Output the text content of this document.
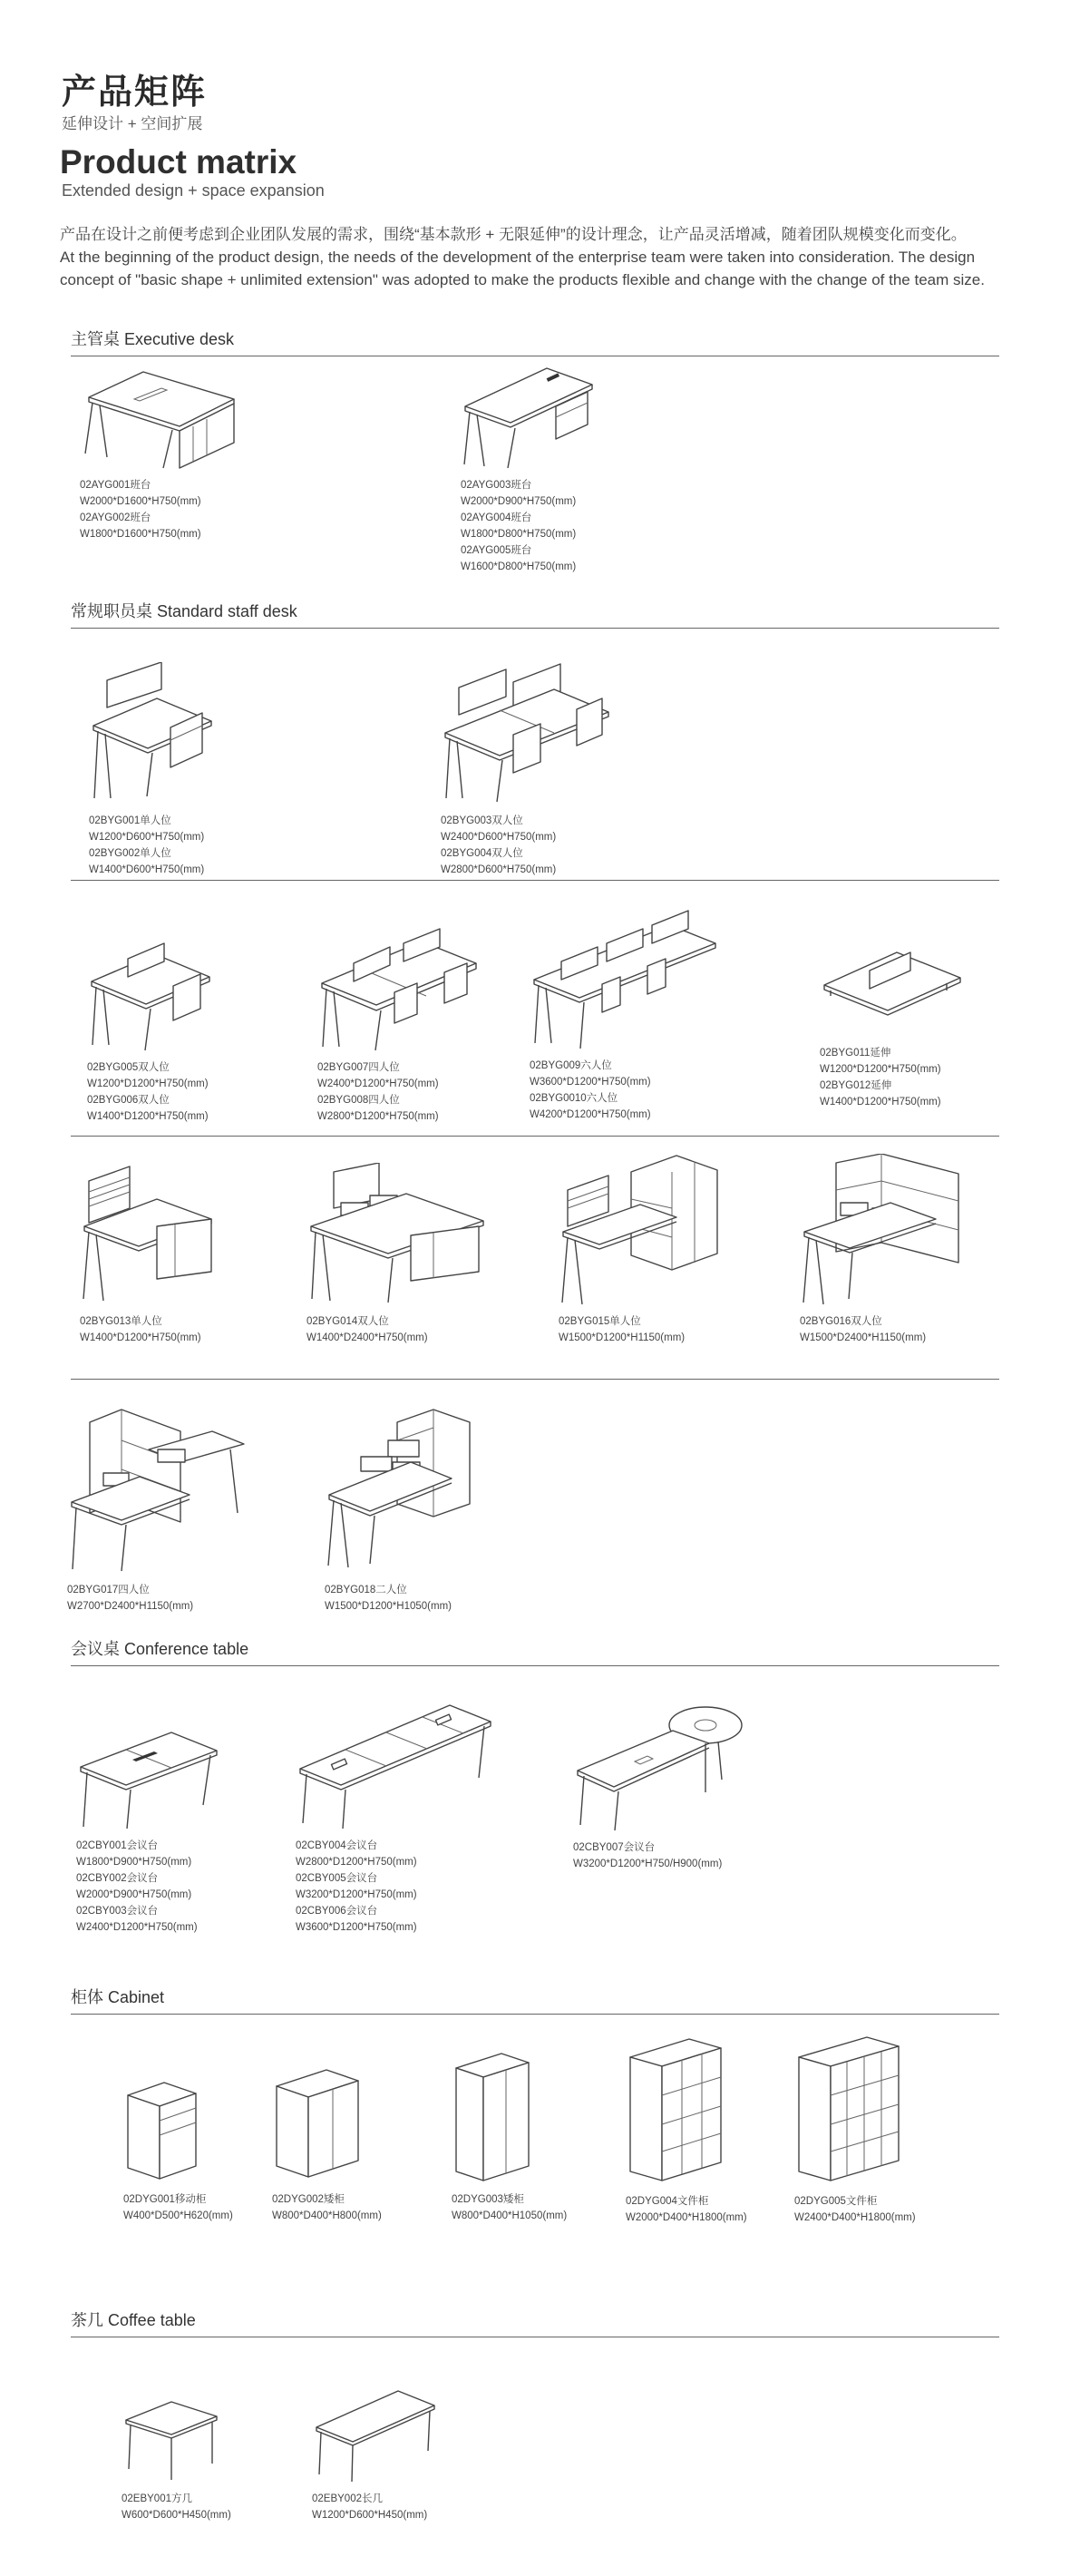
产品矩阵
延伸设计 + 空间扩展
Product matrix
Extended design + space expansion

产品在设计之前便考虑到企业团队发展的需求，围绕“基本款形 + 无限延伸”的设计理念，让产品灵活增减，随着团队规模变化而变化。

At the beginning of the product design, the needs of the development of the enterprise team were taken into consideration. The design concept of "basic shape + unlimited extension" was adopted to make the products flexible and change with the change of the team size.

主管桌 Executive desk
02AYG001班台
W2000*D1600*H750(mm)
02AYG002班台
W1800*D1600*H750(mm)
02AYG003班台
W2000*D900*H750(mm)
02AYG004班台
W1800*D800*H750(mm)
02AYG005班台
W1600*D800*H750(mm)
常规职员桌 Standard staff desk
02BYG001单人位
W1200*D600*H750(mm)
02BYG002单人位
W1400*D600*H750(mm)
02BYG003双人位
W2400*D600*H750(mm)
02BYG004双人位
W2800*D600*H750(mm)
02BYG005双人位
W1200*D1200*H750(mm)
02BYG006双人位
W1400*D1200*H750(mm)
02BYG007四人位
W2400*D1200*H750(mm)
02BYG008四人位
W2800*D1200*H750(mm)
02BYG009六人位
W3600*D1200*H750(mm)
02BYG0010六人位
W4200*D1200*H750(mm)
02BYG011延伸
W1200*D1200*H750(mm)
02BYG012延伸
W1400*D1200*H750(mm)
02BYG013单人位
W1400*D1200*H750(mm)
02BYG014双人位
W1400*D2400*H750(mm)
02BYG015单人位
W1500*D1200*H1150(mm)
02BYG016双人位
W1500*D2400*H1150(mm)
02BYG017四人位
W2700*D2400*H1150(mm)
02BYG018二人位
W1500*D1200*H1050(mm)
会议桌 Conference table
02CBY001会议台
W1800*D900*H750(mm)
02CBY002会议台
W2000*D900*H750(mm)
02CBY003会议台
W2400*D1200*H750(mm)
02CBY004会议台
W2800*D1200*H750(mm)
02CBY005会议台
W3200*D1200*H750(mm)
02CBY006会议台
W3600*D1200*H750(mm)
02CBY007会议台
W3200*D1200*H750/H900(mm)
柜体 Cabinet
02DYG001移动柜
W400*D500*H620(mm)
02DYG002矮柜
W800*D400*H800(mm)
02DYG003矮柜
W800*D400*H1050(mm)
02DYG004文件柜
W2000*D400*H1800(mm)
02DYG005文件柜
W2400*D400*H1800(mm)
茶几 Coffee table
02EBY001方几
W600*D600*H450(mm)
02EBY002长几
W1200*D600*H450(mm)
